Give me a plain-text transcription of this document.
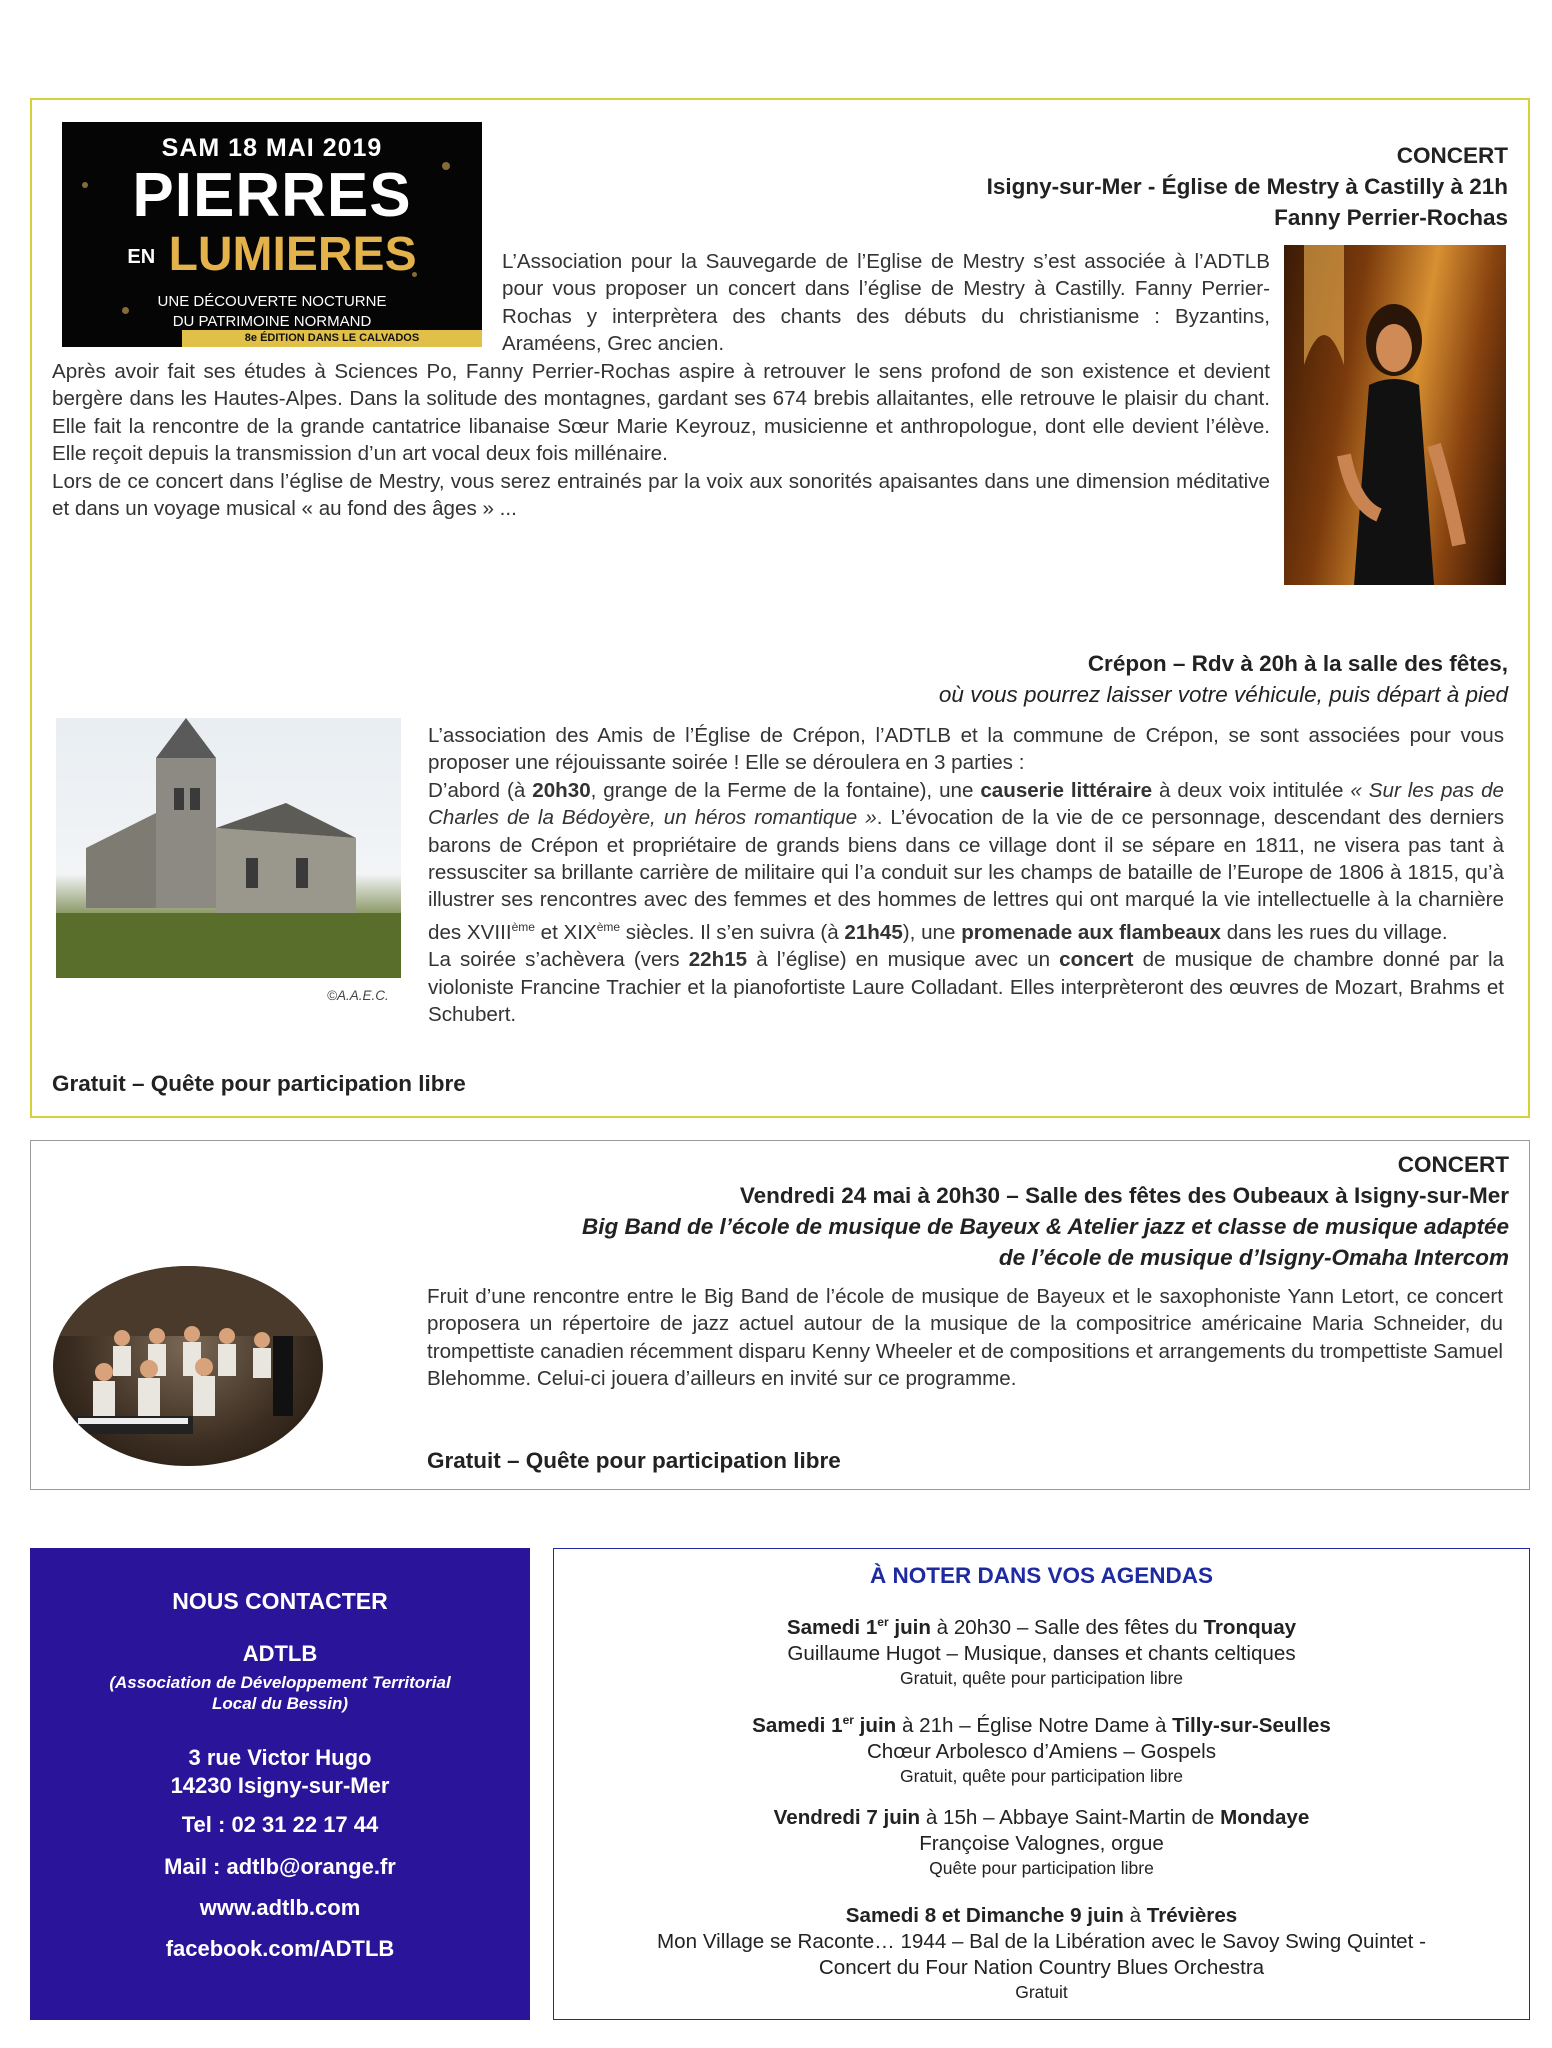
SAM 18 MAI 2019
PIERRES
EN LUMIERES
UNE DÉCOUVERTE NOCTURNE
DU PATRIMOINE NORMAND
8e ÉDITION DANS LE CALVADOS
CONCERT
Isigny-sur-Mer - Église de Mestry à Castilly à 21h
Fanny Perrier-Rochas
L’Association pour la Sauvegarde de l’Eglise de Mestry s’est associée à l’ADTLB pour vous proposer un concert dans l’église de Mestry à Castilly. Fanny Perrier-Rochas y interprètera des chants des débuts du christianisme : Byzantins, Araméens, Grec ancien.

Après avoir fait ses études à Sciences Po, Fanny Perrier-Rochas aspire à retrouver le sens profond de son existence et devient bergère dans les Hautes-Alpes. Dans la solitude des montagnes, gardant ses 674 brebis allaitantes, elle retrouve le plaisir du chant. Elle fait la rencontre de la grande cantatrice libanaise Sœur Marie Keyrouz, musicienne et anthropologue, dont elle devient l’élève. Elle reçoit depuis la transmission d’un art vocal deux fois millénaire.

Lors de ce concert dans l’église de Mestry, vous serez entrainés par la voix aux sonorités apaisantes dans une dimension méditative et dans un voyage musical « au fond des âges » ...

Crépon – Rdv à 20h à la salle des fêtes,
où vous pourrez laisser votre véhicule, puis départ à pied
©A.A.E.C.

L’association des Amis de l’Église de Crépon, l’ADTLB et la commune de Crépon, se sont associées pour vous proposer une réjouissante soirée ! Elle se déroulera en 3 parties :

D’abord (à 20h30, grange de la Ferme de la fontaine), une causerie littéraire à deux voix intitulée « Sur les pas de Charles de la Bédoyère, un héros romantique ». L’évocation de la vie de ce personnage, descendant des derniers barons de Crépon et propriétaire de grands biens dans ce village dont il se sépare en 1811, ne visera pas tant à ressusciter sa brillante carrière de militaire qui l’a conduit sur les champs de bataille de l’Europe de 1806 à 1815, qu’à illustrer ses rencontres avec des femmes et des hommes de lettres qui ont marqué la vie intellectuelle à la charnière des XVIIIème et XIXème siècles. Il s’en suivra (à 21h45), une promenade aux flambeaux dans les rues du village.

La soirée s’achèvera (vers 22h15 à l’église) en musique avec un concert de musique de chambre donné par la violoniste Francine Trachier et la pianofortiste Laure Colladant. Elles interprèteront des œuvres de Mozart, Brahms et Schubert.

Gratuit – Quête pour participation libre
CONCERT
Vendredi 24 mai à 20h30 – Salle des fêtes des Oubeaux à Isigny-sur-Mer
Big Band de l’école de musique de Bayeux & Atelier jazz et classe de musique adaptée
de l’école de musique d’Isigny-Omaha Intercom
Fruit d’une rencontre entre le Big Band de l’école de musique de Bayeux et le saxophoniste Yann Letort, ce concert proposera un répertoire de jazz actuel autour de la musique de la compositrice américaine Maria Schneider, du trompettiste canadien récemment disparu Kenny Wheeler et de compositions et arrangements du trompettiste Samuel Blehomme. Celui-ci jouera d’ailleurs en invité sur ce programme.
Gratuit – Quête pour participation libre
NOUS CONTACTER
ADTLB
(Association de Développement Territorial
Local du Bessin)
3 rue Victor Hugo
14230 Isigny-sur-Mer
Tel : 02 31 22 17 44
Mail : adtlb@orange.fr
www.adtlb.com
facebook.com/ADTLB
À NOTER DANS VOS AGENDAS
Samedi 1er juin à 20h30 – Salle des fêtes du Tronquay
Guillaume Hugot – Musique, danses et chants celtiques
Gratuit, quête pour participation libre
Samedi 1er juin à 21h – Église Notre Dame à Tilly-sur-Seulles
Chœur Arbolesco d’Amiens – Gospels
Gratuit, quête pour participation libre
Vendredi 7 juin à 15h – Abbaye Saint-Martin de Mondaye
Françoise Valognes, orgue
Quête pour participation libre
Samedi 8 et Dimanche 9 juin à Trévières
Mon Village se Raconte… 1944 – Bal de la Libération avec le Savoy Swing Quintet -
Concert du Four Nation Country Blues Orchestra
Gratuit
